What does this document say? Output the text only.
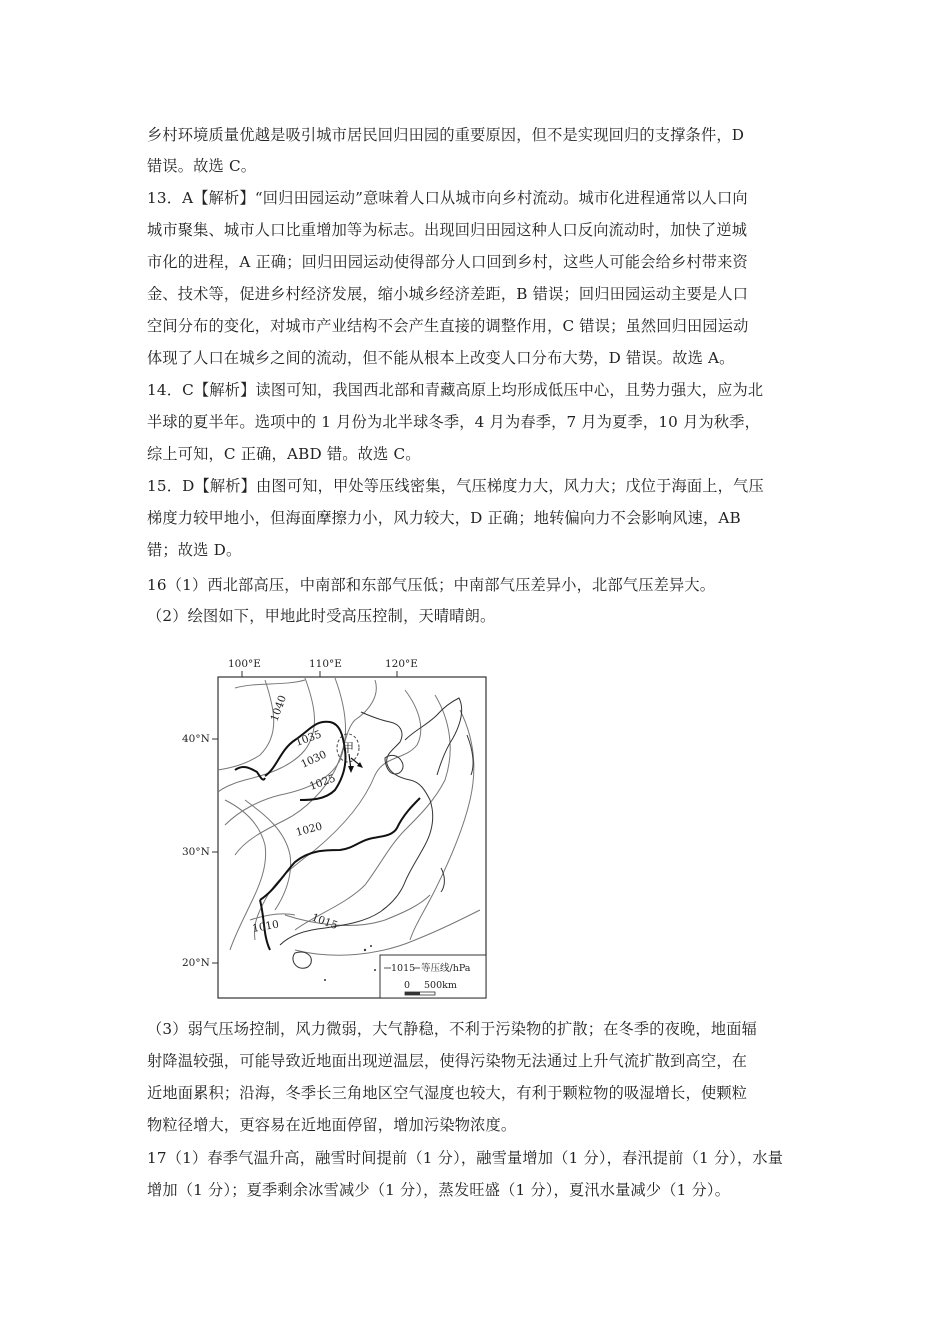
乡村环境质量优越是吸引城市居民回归田园的重要原因，但不是实现回归的支撑条件，D
错误。故选 C。
13．A【解析】“回归田园运动”意味着人口从城市向乡村流动。城市化进程通常以人口向
城市聚集、城市人口比重增加等为标志。出现回归田园这种人口反向流动时，加快了逆城
市化的进程，A 正确；回归田园运动使得部分人口回到乡村，这些人可能会给乡村带来资
金、技术等，促进乡村经济发展，缩小城乡经济差距，B 错误；回归田园运动主要是人口
空间分布的变化，对城市产业结构不会产生直接的调整作用，C 错误；虽然回归田园运动
体现了人口在城乡之间的流动，但不能从根本上改变人口分布大势，D 错误。故选 A。
14．C【解析】读图可知，我国西北部和青藏高原上均形成低压中心，且势力强大，应为北
半球的夏半年。选项中的 1 月份为北半球冬季，4 月为春季，7 月为夏季，10 月为秋季，
综上可知，C 正确，ABD 错。故选 C。
15．D【解析】由图可知，甲处等压线密集，气压梯度力大，风力大；戊位于海面上，气压
梯度力较甲地小，但海面摩擦力小，风力较大，D 正确；地转偏向力不会影响风速，AB
错；故选 D。
16（1）西北部高压，中南部和东部气压低；中南部气压差异小，北部气压差异大。
（2）绘图如下，甲地此时受高压控制，天晴晴朗。
100°E	110°E	120°E
40°N
30°N
20°N
1040
1035
1030
1025
1020
1015
1010
甲
1015 等压线/hPa
0 500km
（3）弱气压场控制，风力微弱，大气静稳，不利于污染物的扩散；在冬季的夜晚，地面辐
射降温较强，可能导致近地面出现逆温层，使得污染物无法通过上升气流扩散到高空，在
近地面累积；沿海，冬季长三角地区空气湿度也较大，有利于颗粒物的吸湿增长，使颗粒
物粒径增大，更容易在近地面停留，增加污染物浓度。
17（1）春季气温升高，融雪时间提前（1 分），融雪量增加（1 分），春汛提前（1 分），水量
增加（1 分）；夏季剩余冰雪减少（1 分），蒸发旺盛（1 分），夏汛水量减少（1 分）。
